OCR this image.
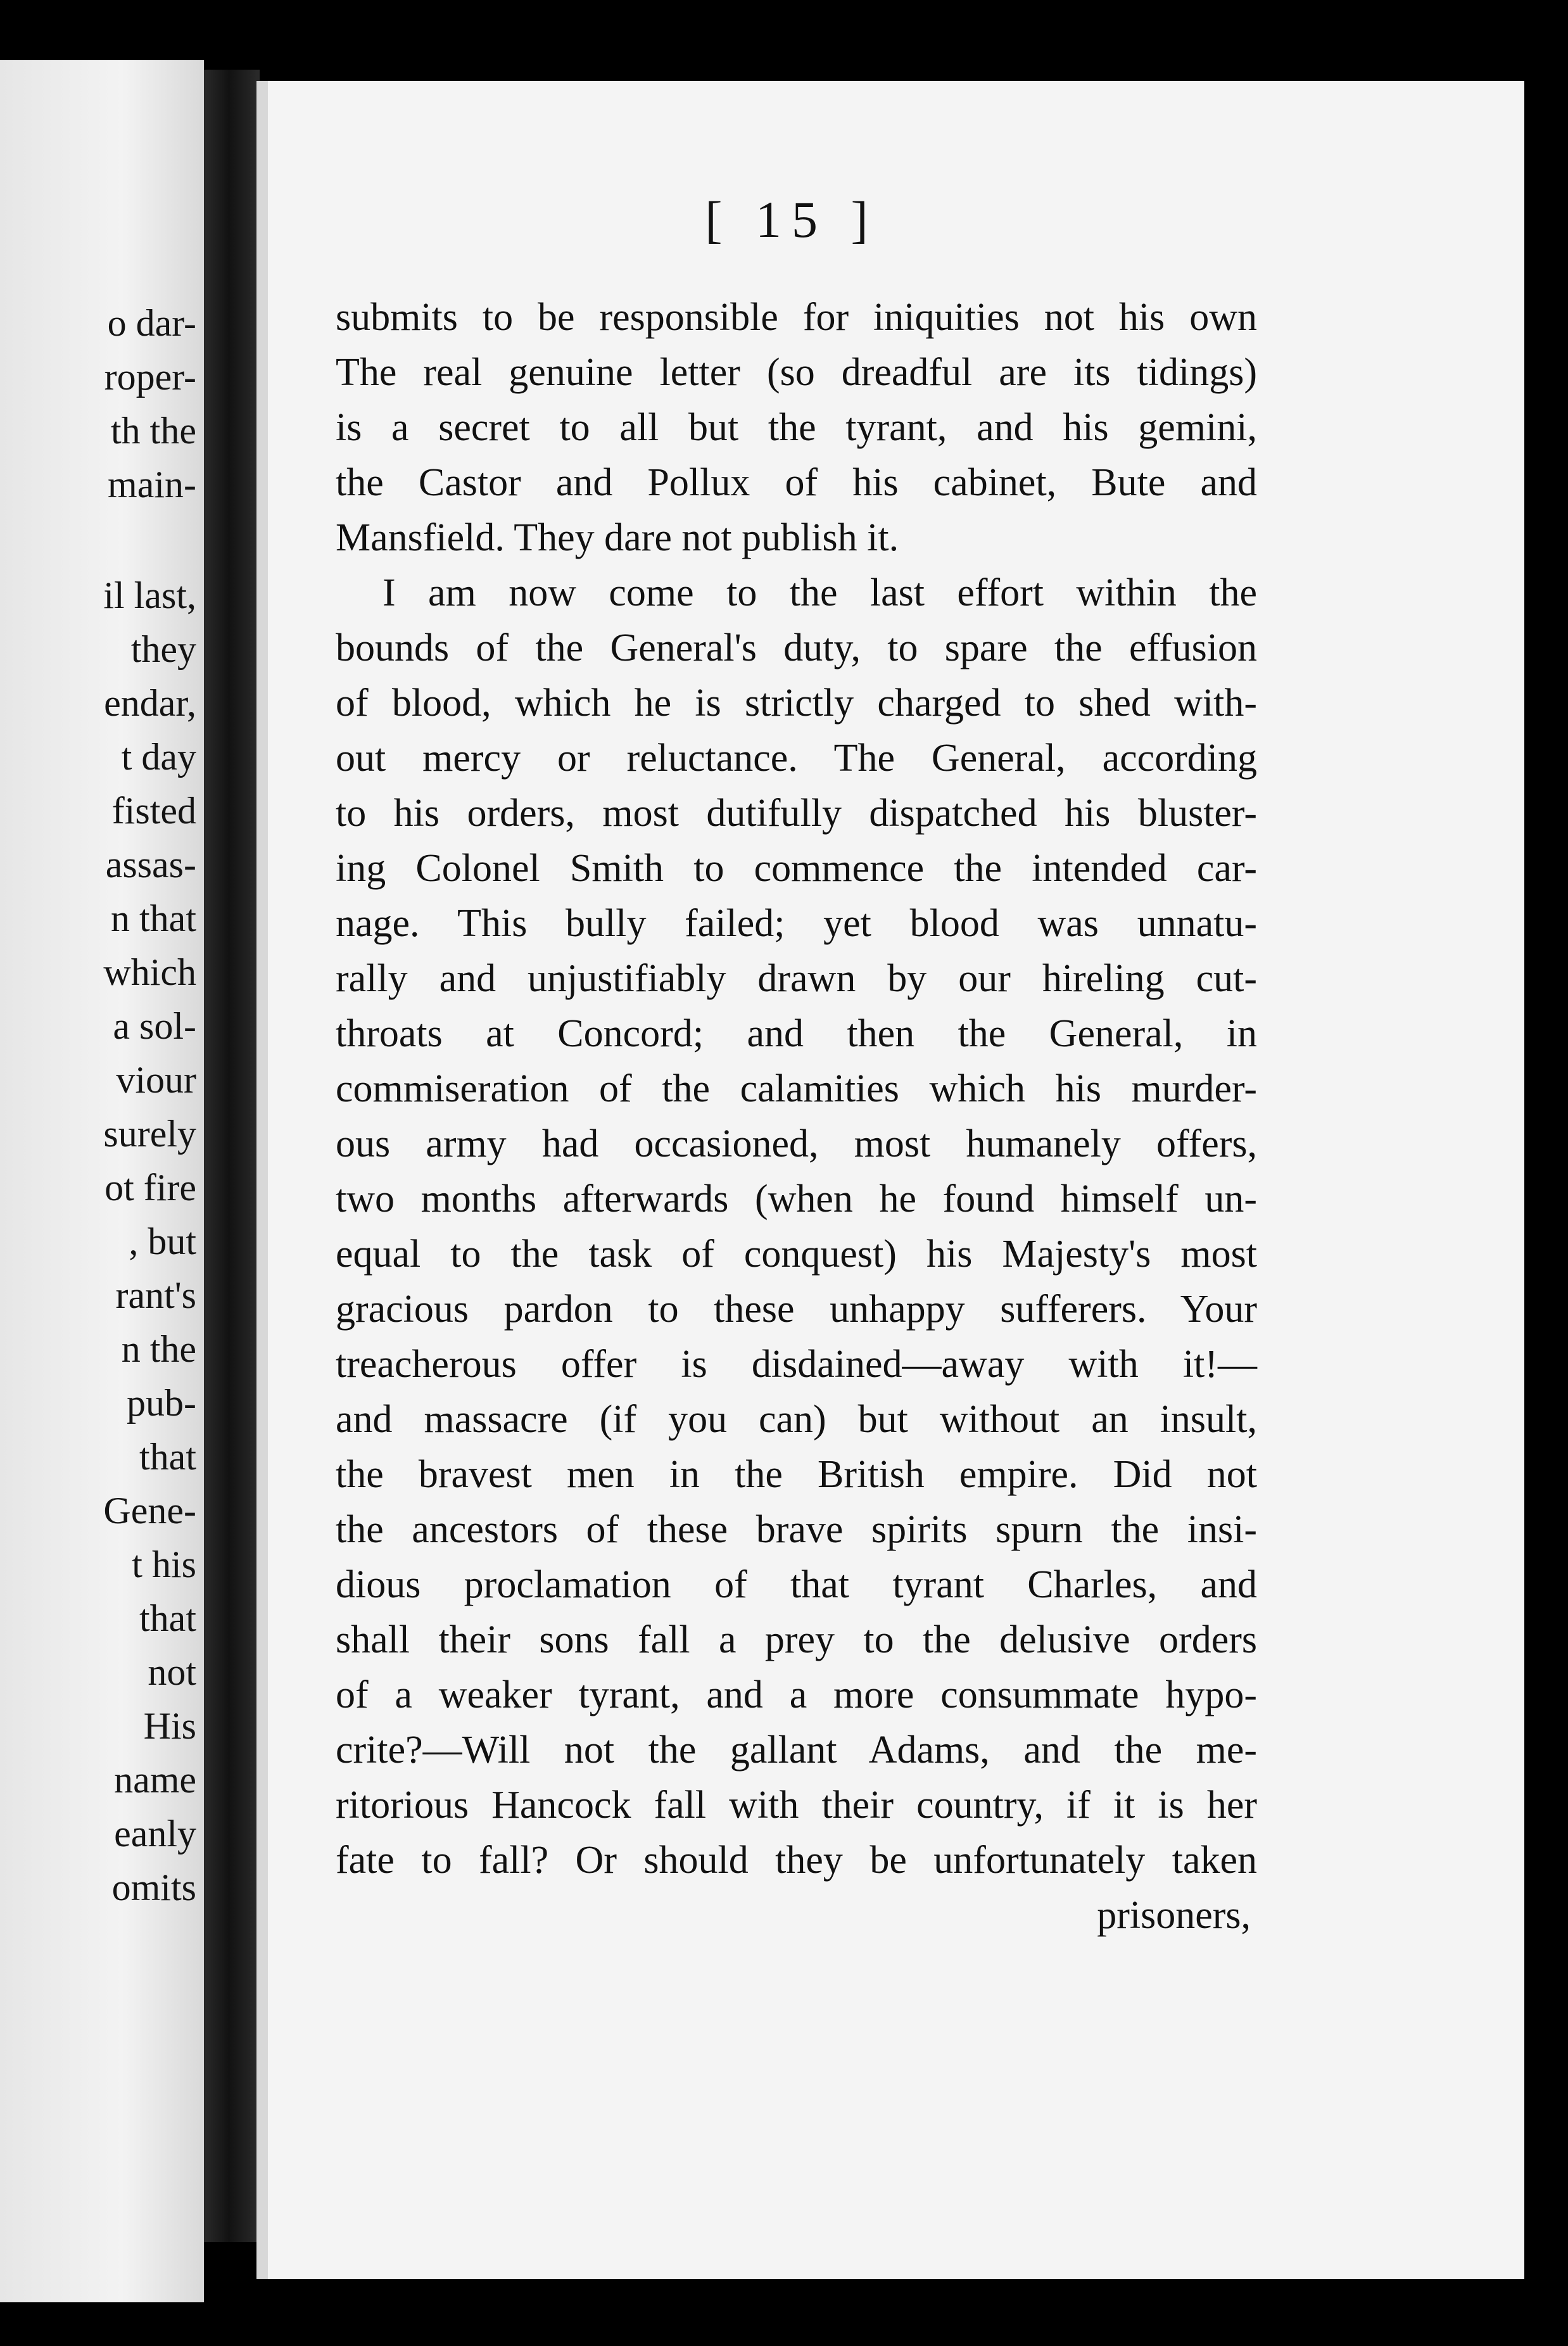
o dar-

roper-

th the

main-

il last,

they

endar,

t day

fisted

assas-

n that

which

a sol-

viour

surely

ot fire

, but

rant's

n the

pub-

that

Gene-

t his

that

not

His

name

eanly

omits

[ 15 ]

submits to be responsible for iniquities not his own
The real genuine letter (so dreadful are its tidings)
is a secret to all but the tyrant, and his gemini,
the Castor and Pollux of his cabinet, Bute and
Mansfield. They dare not publish it.
I am now come to the last effort within the
bounds of the General's duty, to spare the effusion
of blood, which he is strictly charged to shed with-
out mercy or reluctance. The General, according
to his orders, most dutifully dispatched his bluster-
ing Colonel Smith to commence the intended car-
nage. This bully failed; yet blood was unnatu-
rally and unjustifiably drawn by our hireling cut-
throats at Concord; and then the General, in
commiseration of the calamities which his murder-
ous army had occasioned, most humanely offers,
two months afterwards (when he found himself un-
equal to the task of conquest) his Majesty's most
gracious pardon to these unhappy sufferers. Your
treacherous offer is disdained—away with it!—
and massacre (if you can) but without an insult,
the bravest men in the British empire. Did not
the ancestors of these brave spirits spurn the insi-
dious proclamation of that tyrant Charles, and
shall their sons fall a prey to the delusive orders
of a weaker tyrant, and a more consummate hypo-
crite?—Will not the gallant Adams, and the me-
ritorious Hancock fall with their country, if it is her
fate to fall? Or should they be unfortunately taken
prisoners,
